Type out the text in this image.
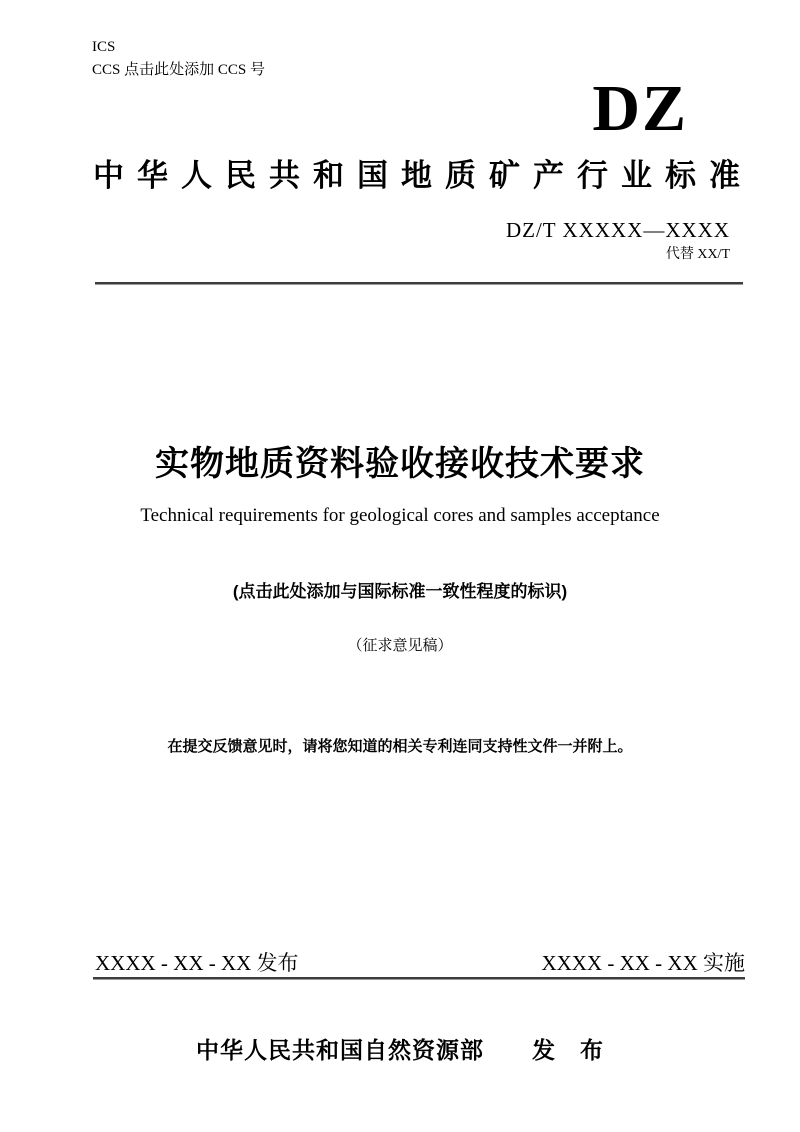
ICS
CCS 点击此处添加 CCS 号
DZ
中 华 人 民 共 和 国 地 质 矿 产 行 业 标 准
DZ/T XXXXX—XXXX
代替 XX/T
实物地质资料验收接收技术要求
Technical requirements for geological cores and samples acceptance
(点击此处添加与国际标准一致性程度的标识)
（征求意见稿）
在提交反馈意见时，请将您知道的相关专利连同支持性文件一并附上。
XXXX - XX - XX 发布	XXXX - XX - XX 实施
中华人民共和国自然资源部　　发　布
